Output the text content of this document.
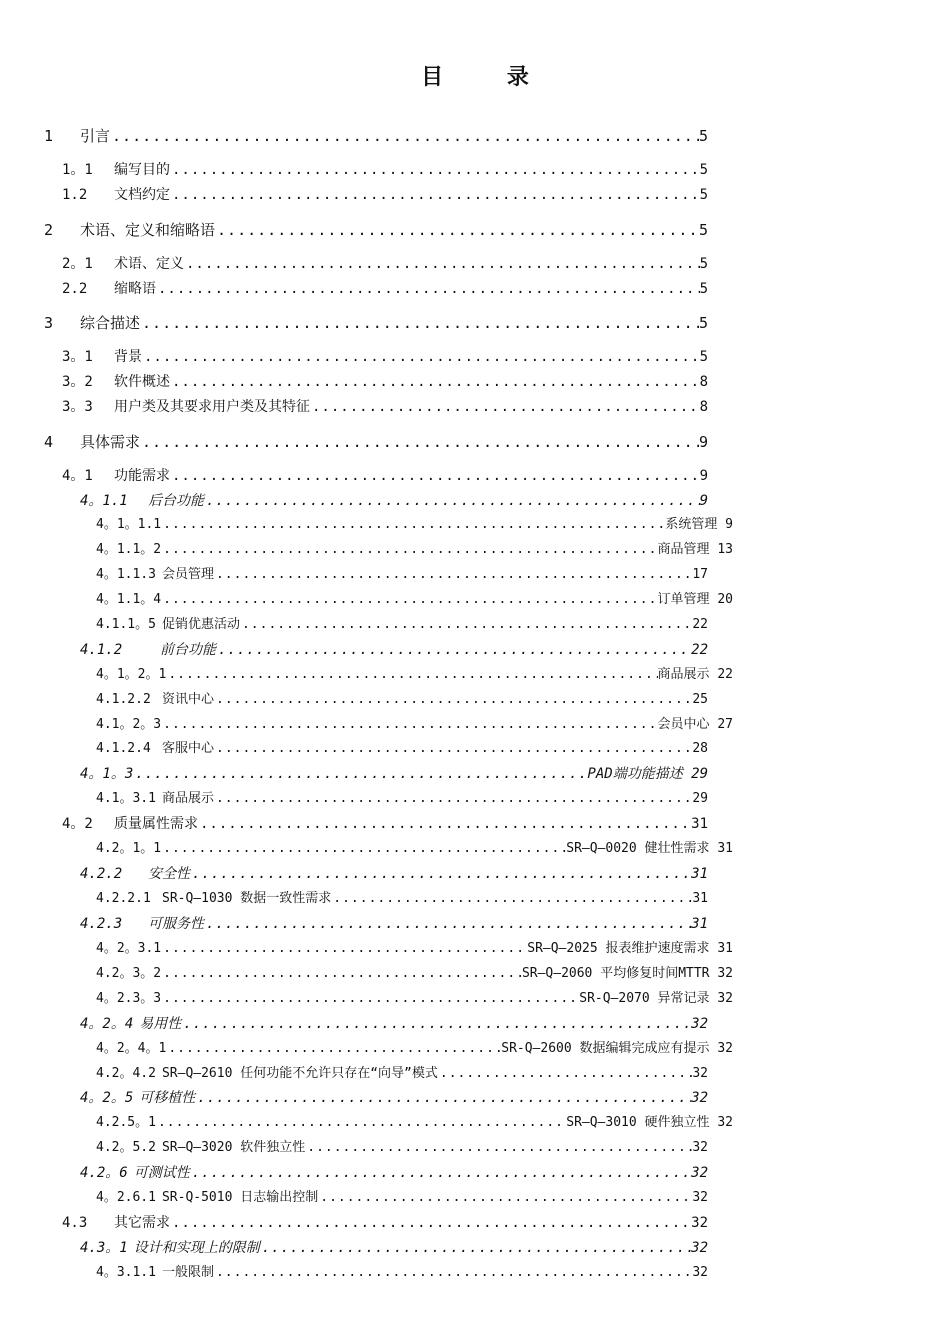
目 录
1	引言 .....	5
1。1	编写目的 .....	5
1.2	文档约定 .....	5
2	术语、定义和缩略语 .....	5
2。1	术语、定义 .....	5
2.2	缩略语 .....	5
3	综合描述 .....	5
3。1	背景 .....	5
3。2	软件概述 .....	8
3。3	用户类及其要求用户类及其特征 .....	8
4	具体需求 .....	9
4。1	功能需求 .....	9
4。1.1	后台功能 .....	9
4。1。1.1 .....	系统管理 9
4。1.1。2 .....	商品管理 13
4。1.1.3 会员管理 .....	17
4。1.1。4 .....	订单管理 20
4.1.1。5 促销优惠活动 .....	22
4.1.2	前台功能 .....	22
4。1。2。1 .....	商品展示 22
4.1.2.2 资讯中心 .....	25
4.1。2。3 .....	会员中心 27
4.1.2.4 客服中心 .....	28
4。1。3 .....	PAD端功能描述 29
4.1。3.1 商品展示 .....	29
4。2	质量属性需求 .....	31
4.2。1。1 .....	SR—Q—0020 健壮性需求 31
4.2.2	安全性 .....	31
4.2.2.1 SR-Q—1030 数据一致性需求 .....	31
4.2.3	可服务性 .....	31
4。2。3.1 .....	SR—Q—2025 报表维护速度需求 31
4.2。3。2 .....	SR—Q—2060 平均修复时间MTTR 32
4。2.3。3 .....	SR-Q—2070 异常记录 32
4。2。4 易用性 .....	32
4。2。4。1 .....	SR-Q—2600 数据编辑完成应有提示 32
4.2。4.2 SR—Q—2610 任何功能不允许只存在“向导”模式 .....	32
4。2。5 可移植性 .....	32
4.2.5。1 .....	SR—Q—3010 硬件独立性 32
4.2。5.2 SR—Q—3020 软件独立性 .....	32
4.2。6 可测试性 .....	32
4。2.6.1 SR-Q-5010 日志输出控制 .....	32
4.3	其它需求 .....	32
4.3。1 设计和实现上的限制 .....	32
4。3.1.1 一般限制 .....	32
